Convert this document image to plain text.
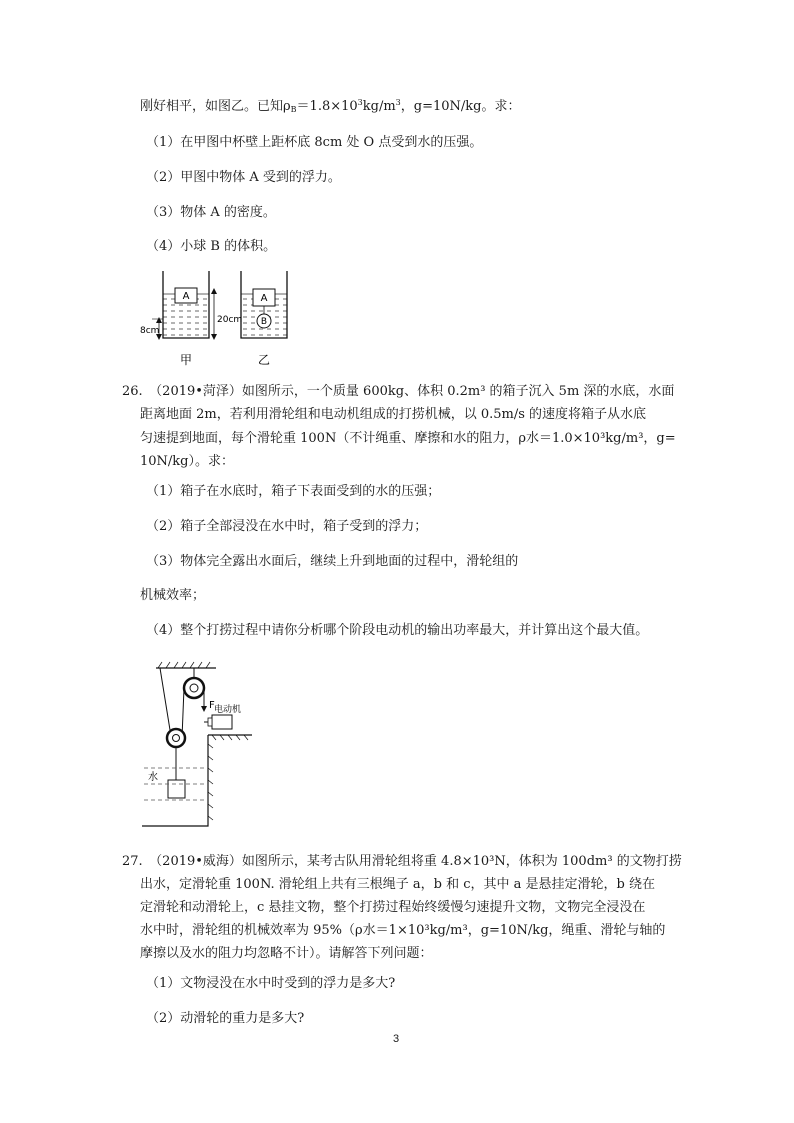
刚好相平，如图乙。已知$\rho B=1.8\times 10^3kg/m^3$，g=10N/kg。求：
（1）在甲图中杯壁上距杯底 8cm 处 O 点受到水的压强。
（2）甲图中物体 A 受到的浮力。
（3）物体 A 的密度。
（4）小球 B 的体积。
A	A
B
20cm
8cm
甲	乙
26.　（2019•菏泽）如图所示，一个质量 600kg、体积 0.2m³ 的箱子沉入 5m 深的水底，水面
距离地面 2m，若利用滑轮组和电动机组成的打捞机械，以 0.5m/s 的速度将箱子从水底
匀速提到地面，每个滑轮重 100N（不计绳重、摩擦和水的阻力，ρ水＝1.0×10³kg/m³，g=
10N/kg）。求：
（1）箱子在水底时，箱子下表面受到的水的压强；
（2）箱子全部浸没在水中时，箱子受到的浮力；
（3）物体完全露出水面后，继续上升到地面的过程中，滑轮组的
机械效率；
（4）整个打捞过程中请你分析哪个阶段电动机的输出功率最大，并计算出这个最大值。
F 电动机
水
27.　（2019•威海）如图所示，某考古队用滑轮组将重 4.8×10³N，体积为 100dm³ 的文物打捞
出水，定滑轮重 100N. 滑轮组上共有三根绳子 a，b 和 c，其中 a 是悬挂定滑轮，b 绕在
定滑轮和动滑轮上，c 悬挂文物，整个打捞过程始终缓慢匀速提升文物，文物完全浸没在
水中时，滑轮组的机械效率为 95%（ρ水＝1×10³kg/m³，g=10N/kg，绳重、滑轮与轴的
摩擦以及水的阻力均忽略不计）。请解答下列问题：
（1）文物浸没在水中时受到的浮力是多大?
（2）动滑轮的重力是多大?
3
